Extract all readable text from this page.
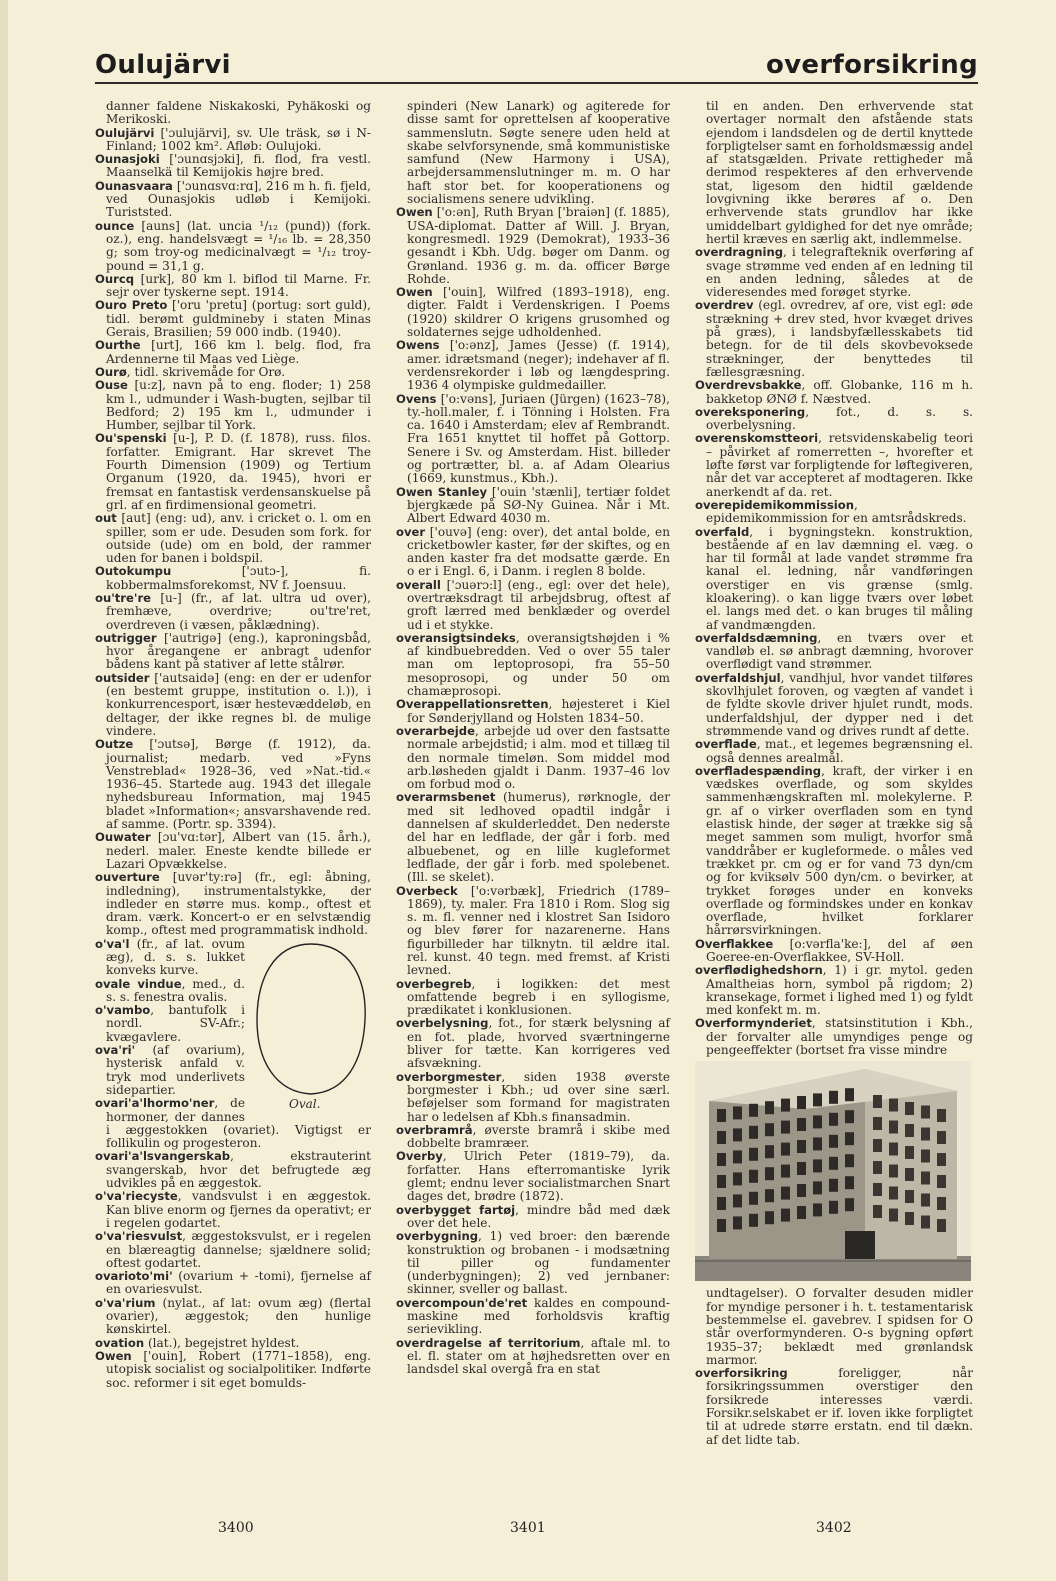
Oulujärvi	overforsikring

danner faldene Niskakoski, Pyhäkoski og Merikoski.

Oulujärvi ['ɔulujärvi], sv. Ule träsk, sø i N-Finland; 1002 km². Afløb: Oulujoki.

Ounasjoki ['ɔunɑsjɔki], fi. flod, fra vestl. Maanselkä til Kemijokis højre bred.

Ounasvaara ['ɔunɑsvɑ:rɑ], 216 m h. fi. fjeld, ved Ounasjokis udløb i Kemijoki. Turiststed.

ounce [auns] (lat. uncia ¹/₁₂ (pund)) (fork. oz.), eng. handelsvægt = ¹/₁₆ lb. = 28,350 g; som troy-og medicinalvægt = ¹/₁₂ troy-pound = 31,1 g.

Ourcq [urk], 80 km l. biflod til Marne. Fr. sejr over tyskerne sept. 1914.

Ouro Preto ['oru 'pretu] (portug: sort guld), tidl. berømt guldmineby i staten Minas Gerais, Brasilien; 59 000 indb. (1940).

Ourthe [urt], 166 km l. belg. flod, fra Ardennerne til Maas ved Liège.

Ourø, tidl. skrivemåde for Orø.

Ouse [u:z], navn på to eng. floder; 1) 258 km l., udmunder i Wash-bugten, sejlbar til Bedford; 2) 195 km l., udmunder i Humber, sejlbar til York.

Ou'spenski [u-], P. D. (f. 1878), russ. filos. forfatter. Emigrant. Har skrevet The Fourth Dimension (1909) og Tertium Organum (1920, da. 1945), hvori er fremsat en fantastisk verdensanskuelse på grl. af en firdimensional geometri.

out [aut] (eng: ud), anv. i cricket o. l. om en spiller, som er ude. Desuden som fork. for outside (ude) om en bold, der rammer uden for banen i boldspil.

Outokumpu ['ɔutɔ-], fi. kobbermalmsforekomst, NV f. Joensuu.

ou'tre're [u-] (fr., af lat. ultra ud over), fremhæve, overdrive; ou'tre'ret, overdreven (i væsen, påklædning).

outrigger ['autrigə] (eng.), kaproningsbåd, hvor åregangene er anbragt udenfor bådens kant på stativer af lette stålrør.

outsider ['autsaidə] (eng: en der er udenfor (en bestemt gruppe, institution o. l.)), i konkurrencesport, især hestevæddeløb, en deltager, der ikke regnes bl. de mulige vindere.

Outze ['ɔutsə], Børge (f. 1912), da. journalist; medarb. ved »Fyns Venstreblad« 1928–36, ved »Nat.-tid.« 1936–45. Startede aug. 1943 det illegale nyhedsbureau Information, maj 1945 bladet »Information«; ansvarshavende red. af samme. (Portr. sp. 3394).

Ouwater [ɔu'vɑ:tər], Albert van (15. årh.), nederl. maler. Eneste kendte billede er Lazari Opvækkelse.

ouverture [uvər'ty:rə] (fr., egl: åbning, indledning), instrumentalstykke, der indleder en større mus. komp., oftest et dram. værk. Koncert-o er en selvstændig komp., oftest med programmatisk indhold.

Oval.

o'va'l (fr., af lat. ovum æg), d. s. s. lukket konveks kurve.

ovale vindue, med., d. s. s. fenestra ovalis.

o'vambo, bantufolk i nordl. SV-Afr.; kvægavlere.

ova'ri' (af ovarium), hysterisk anfald v. tryk mod underlivets sidepartier.

ovari'a'lhormo'ner, de hormoner, der dannes i æggestokken (ovariet). Vigtigst er follikulin og progesteron.

ovari'a'lsvangerskab, ekstrauterint svangerskab, hvor det befrugtede æg udvikles på en æggestok.

o'va'riecyste, vandsvulst i en æggestok. Kan blive enorm og fjernes da operativt; er i regelen godartet.

o'va'riesvulst, æggestoksvulst, er i regelen en blæreagtig dannelse; sjældnere solid; oftest godartet.

ovarioto'mi' (ovarium + -tomi), fjernelse af en ovariesvulst.

o'va'rium (nylat., af lat: ovum æg) (flertal ovarier), æggestok; den hunlige kønskirtel.

ovation (lat.), begejstret hyldest.

Owen ['ouin], Robert (1771–1858), eng. utopisk socialist og socialpolitiker. Indførte soc. reformer i sit eget bomulds-

spinderi (New Lanark) og agiterede for disse samt for oprettelsen af kooperative sammenslutn. Søgte senere uden held at skabe selvforsynende, små kommunistiske samfund (New Harmony i USA), arbejdersammenslutninger m. m. O har haft stor bet. for kooperationens og socialismens senere udvikling.

Owen ['o:ən], Ruth Bryan ['braiən] (f. 1885), USA-diplomat. Datter af Will. J. Bryan, kongresmedl. 1929 (Demokrat), 1933–36 gesandt i Kbh. Udg. bøger om Danm. og Grønland. 1936 g. m. da. officer Børge Rohde.

Owen ['ouin], Wilfred (1893–1918), eng. digter. Faldt i Verdenskrigen. I Poems (1920) skildrer O krigens grusomhed og soldaternes sejge udholdenhed.

Owens ['o:ənz], James (Jesse) (f. 1914), amer. idrætsmand (neger); indehaver af fl. verdensrekorder i løb og længdespring. 1936 4 olympiske guldmedailler.

Ovens ['o:vəns], Juriaen (Jürgen) (1623–78), ty.-holl.maler, f. i Tönning i Holsten. Fra ca. 1640 i Amsterdam; elev af Rembrandt. Fra 1651 knyttet til hoffet på Gottorp. Senere i Sv. og Amsterdam. Hist. billeder og portrætter, bl. a. af Adam Olearius (1669, kunstmus., Kbh.).

Owen Stanley ['ouin 'stænli], tertiær foldet bjergkæde på SØ-Ny Guinea. Når i Mt. Albert Edward 4030 m.

over ['ouvə] (eng: over), det antal bolde, en cricketbowler kaster, før der skiftes, og en anden kaster fra det modsatte gærde. En o er i Engl. 6, i Danm. i reglen 8 bolde.

overall ['ɔuərɔ:l] (eng., egl: over det hele), overtræksdragt til arbejdsbrug, oftest af groft lærred med benklæder og overdel ud i et stykke.

overansigtsindeks, overansigtshøjden i % af kindbuebredden. Ved o over 55 taler man om leptoprosopi, fra 55–50 mesoprosopi, og under 50 om chamæprosopi.

Overappellationsretten, højesteret i Kiel for Sønderjylland og Holsten 1834–50.

overarbejde, arbejde ud over den fastsatte normale arbejdstid; i alm. mod et tillæg til den normale timeløn. Som middel mod arb.løsheden gjaldt i Danm. 1937–46 lov om forbud mod o.

overarmsbenet (humerus), rørknogle, der med sit ledhoved opadtil indgår i dannelsen af skulderleddet. Den nederste del har en ledflade, der går i forb. med albuebenet, og en lille kugleformet ledflade, der går i forb. med spolebenet. (Ill. se skelet).

Overbeck ['o:vərbæk], Friedrich (1789–1869), ty. maler. Fra 1810 i Rom. Slog sig s. m. fl. venner ned i klostret San Isidoro og blev fører for nazarenerne. Hans figurbilleder har tilknytn. til ældre ital. rel. kunst. 40 tegn. med fremst. af Kristi levned.

overbegreb, i logikken: det mest omfattende begreb i en syllogisme, prædikatet i konklusionen.

overbelysning, fot., for stærk belysning af en fot. plade, hvorved sværtningerne bliver for tætte. Kan korrigeres ved afsvækning.

overborgmester, siden 1938 øverste borgmester i Kbh.; ud over sine særl. beføjelser som formand for magistraten har o ledelsen af Kbh.s finansadmin.

overbramrå, øverste bramrå i skibe med dobbelte bramræer.

Overby, Ulrich Peter (1819–79), da. forfatter. Hans efterromantiske lyrik glemt; endnu lever socialistmarchen Snart dages det, brødre (1872).

overbygget fartøj, mindre båd med dæk over det hele.

overbygning, 1) ved broer: den bærende konstruktion og brobanen - i modsætning til piller og fundamenter (underbygningen); 2) ved jernbaner: skinner, sveller og ballast.

overcompoun'de'ret kaldes en compound-maskine med forholdsvis kraftig serievikling.

overdragelse af territorium, aftale ml. to el. fl. stater om at højhedsretten over en landsdel skal overgå fra en stat

til en anden. Den erhvervende stat overtager normalt den afstående stats ejendom i landsdelen og de dertil knyttede forpligtelser samt en forholdsmæssig andel af statsgælden. Private rettigheder må derimod respekteres af den erhvervende stat, ligesom den hidtil gældende lovgivning ikke berøres af o. Den erhvervende stats grundlov har ikke umiddelbart gyldighed for det nye område; hertil kræves en særlig akt, indlemmelse.

overdragning, i telegrafteknik overføring af svage strømme ved enden af en ledning til en anden ledning, således at de videresendes med forøget styrke.

overdrev (egl. ovredrev, af ore, vist egl: øde strækning + drev sted, hvor kvæget drives på græs), i landsbyfællesskabets tid betegn. for de til dels skovbevoksede strækninger, der benyttedes til fællesgræsning.

Overdrevsbakke, off. Globanke, 116 m h. bakketop ØNØ f. Næstved.

overeksponering, fot., d. s. s. overbelysning.

overenskomstteori, retsvidenskabelig teori – påvirket af romerretten –, hvorefter et løfte først var forpligtende for løftegiveren, når det var accepteret af modtageren. Ikke anerkendt af da. ret.

overepidemikommission, epidemikommission for en amtsrådskreds.

overfald, i bygningstekn. konstruktion, bestående af en lav dæmning el. væg. o har til formål at lade vandet strømme fra kanal el. ledning, når vandføringen overstiger en vis grænse (smlg. kloakering). o kan ligge tværs over løbet el. langs med det. o kan bruges til måling af vandmængden.

overfaldsdæmning, en tværs over et vandløb el. sø anbragt dæmning, hvorover overflødigt vand strømmer.

overfaldshjul, vandhjul, hvor vandet tilføres skovlhjulet foroven, og vægten af vandet i de fyldte skovle driver hjulet rundt, mods. underfaldshjul, der dypper ned i det strømmende vand og drives rundt af dette.

overflade, mat., et legemes begrænsning el. også dennes arealmål.

overfladespænding, kraft, der virker i en vædskes overflade, og som skyldes sammenhængskraften ml. molekylerne. P. gr. af o virker overfladen som en tynd elastisk hinde, der søger at trække sig så meget sammen som muligt, hvorfor små vanddråber er kugleformede. o måles ved trækket pr. cm og er for vand 73 dyn/cm og for kviksølv 500 dyn/cm. o bevirker, at trykket forøges under en konveks overflade og formindskes under en konkav overflade, hvilket forklarer hårrørsvirkningen.

Overflakkee [o:vərfla'ke:], del af øen Goeree-en-Overflakkee, SV-Holl.

overflødighedshorn, 1) i gr. mytol. geden Amaltheias horn, symbol på rigdom; 2) kransekage, formet i lighed med 1) og fyldt med konfekt m. m.

Overformynderiet, statsinstitution i Kbh., der forvalter alle umyndiges penge og pengeeffekter (bortset fra visse mindre

undtagelser). O forvalter desuden midler for myndige personer i h. t. testamentarisk bestemmelse el. gavebrev. I spidsen for O står overformynderen. O-s bygning opført 1935–37; beklædt med grønlandsk marmor.

overforsikring foreligger, når forsikringssummen overstiger den forsikrede interesses værdi. Forsikr.selskabet er if. loven ikke forpligtet til at udrede større erstatn. end til dækn. af det lidte tab.

3400	3401	3402
